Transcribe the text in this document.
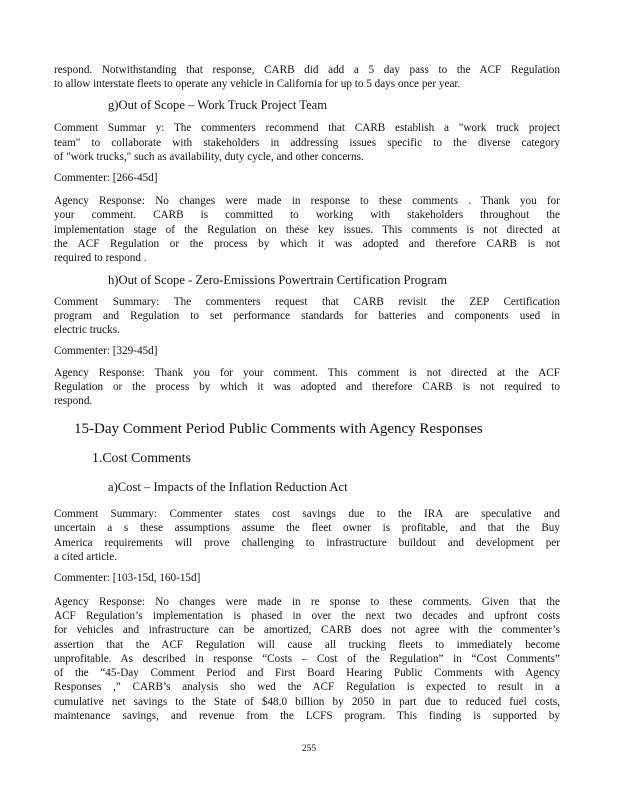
respond. Notwithstanding that response, CARB did add a 5 day pass to the ACF Regulation
to allow interstate fleets to operate any vehicle in California for up to 5 days once per year.
g)Out of Scope – Work Truck Project Team
Comment Summar y: The commenters recommend that CARB establish a "work truck project
team" to collaborate with stakeholders in addressing issues specific to the diverse category
of "work trucks," such as availability, duty cycle, and other concerns.
Commenter: [266-45d]
Agency Response: No changes were made in response to these comments . Thank you for
your comment. CARB is committed to working with stakeholders throughout the
implementation stage of the Regulation on these key issues. This comments is not directed at
the ACF Regulation or the process by which it was adopted and therefore CARB is not
required to respond .
h)Out of Scope - Zero-Emissions Powertrain Certification Program
Comment Summary: The commenters request that CARB revisit the ZEP Certification
program and Regulation to set performance standards for batteries and components used in
electric trucks.
Commenter: [329-45d]
Agency Response: Thank you for your comment. This comment is not directed at the ACF
Regulation or the process by which it was adopted and therefore CARB is not required to
respond.
15-Day Comment Period Public Comments with Agency Responses
1.Cost Comments
a)Cost – Impacts of the Inflation Reduction Act
Comment Summary: Commenter states cost savings due to the IRA are speculative and
uncertain a s these assumptions assume the fleet owner is profitable, and that the Buy
America requirements will prove challenging to infrastructure buildout and development per
a cited article.
Commenter: [103-15d, 160-15d]
Agency Response: No changes were made in re sponse to these comments. Given that the
ACF Regulation’s implementation is phased in over the next two decades and upfront costs
for vehicles and infrastructure can be amortized, CARB does not agree with the commenter’s
assertion that the ACF Regulation will cause all trucking fleets to immediately become
unprofitable. As described in response “Costs – Cost of the Regulation” in “Cost Comments”
of the “45-Day Comment Period and First Board Hearing Public Comments with Agency
Responses ,” CARB’s analysis sho wed the ACF Regulation is expected to result in a
cumulative net savings to the State of $48.0 billion by 2050 in part due to reduced fuel costs,
maintenance savings, and revenue from the LCFS program. This finding is supported by
255
